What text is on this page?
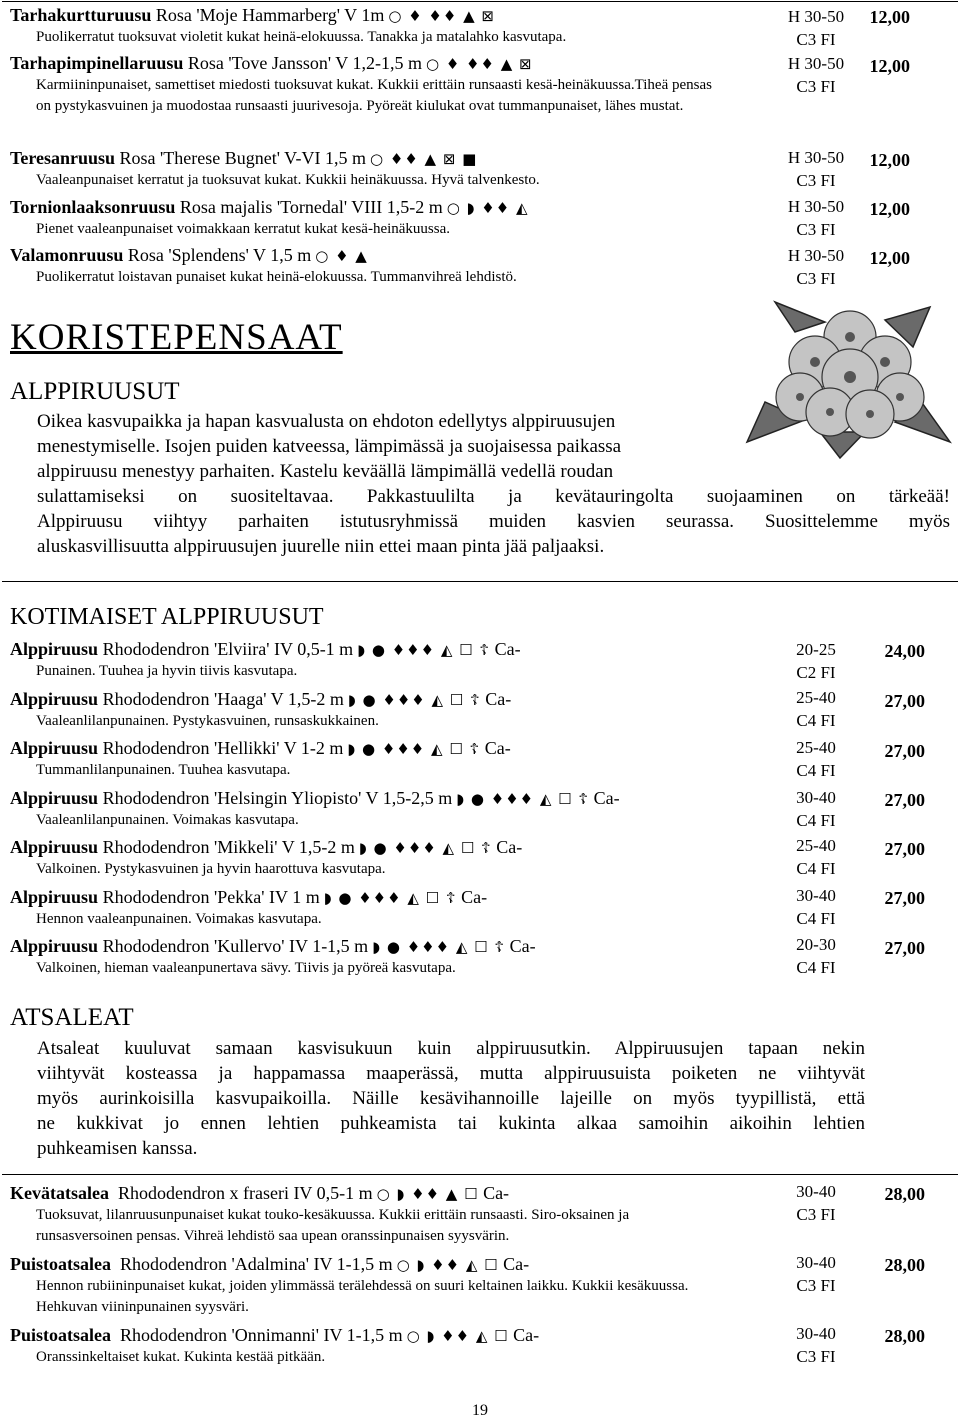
Tarhakurtturuusu Rosa 'Moje Hammarberg' V 1m ○ ♦ ♦♦ ▲ ⊠
Puolikerratut tuoksuvat violetit kukat heinä-elokuussa. Tanakka ja matalahko kasvutapa.
H 30-50
C3 FI
12,00
Tarhapimpinellaruusu Rosa 'Tove Jansson' V 1,2-1,5 m ○ ♦ ♦♦ ▲ ⊠
Karmiininpunaiset, samettiset miedosti tuoksuvat kukat. Kukkii erittäin runsaasti kesä-heinäkuussa.Tiheä pensas on pystykasvuinen ja muodostaa runsaasti juurivesoja. Pyöreät kiulukat ovat tummanpunaiset, lähes mustat.
H 30-50
C3 FI
12,00
Teresanruusu Rosa 'Therese Bugnet' V-VI 1,5 m ○ ♦♦ ▲ ⊠ ■
Vaaleanpunaiset kerratut ja tuoksuvat kukat. Kukkii heinäkuussa. Hyvä talvenkesto.
H 30-50
C3 FI
12,00
Tornionlaaksonruusu Rosa majalis 'Tornedal' VIII 1,5-2 m ○ ◗ ♦♦ ◭
Pienet vaaleanpunaiset voimakkaan kerratut kukat kesä-heinäkuussa.
H 30-50
C3 FI
12,00
Valamonruusu Rosa 'Splendens' V 1,5 m ○ ♦ ▲
Puolikerratut loistavan punaiset kukat heinä-elokuussa. Tummanvihreä lehdistö.
H 30-50
C3 FI
12,00
KORISTEPENSAAT
ALPPIRUUSUT
Oikea kasvupaikka ja hapan kasvualusta on ehdoton edellytys alppiruusujen
menestymiselle. Isojen puiden katveessa, lämpimässä ja suojaisessa paikassa
alppiruusu menestyy parhaiten. Kastelu keväällä lämpimällä vedellä roudan
sulattamiseksi on suositeltavaa. Pakkastuulilta ja kevätauringolta suojaaminen on tärkeää!
Alppiruusu viihtyy parhaiten istutusryhmissä muiden kasvien seurassa. Suosittelemme myös
aluskasvillisuutta alppiruusujen juurelle niin ettei maan pinta jää paljaaksi.
KOTIMAISET ALPPIRUUSUT
Alppiruusu Rhododendron 'Elviira' IV 0,5-1 m ◗ ● ♦♦♦ ◭ ☐ ☦ Ca-
Punainen. Tuuhea ja hyvin tiivis kasvutapa.
20-25
C2 FI
24,00
Alppiruusu Rhododendron 'Haaga' V 1,5-2 m ◗ ● ♦♦♦ ◭ ☐ ☦ Ca-
Vaaleanlilanpunainen. Pystykasvuinen, runsaskukkainen.
25-40
C4 FI
27,00
Alppiruusu Rhododendron 'Hellikki' V 1-2 m ◗ ● ♦♦♦ ◭ ☐ ☦ Ca-
Tummanlilanpunainen. Tuuhea kasvutapa.
25-40
C4 FI
27,00
Alppiruusu Rhododendron 'Helsingin Yliopisto' V 1,5-2,5 m ◗ ● ♦♦♦ ◭ ☐ ☦ Ca-
Vaaleanlilanpunainen. Voimakas kasvutapa.
30-40
C4 FI
27,00
Alppiruusu Rhododendron 'Mikkeli' V 1,5-2 m ◗ ● ♦♦♦ ◭ ☐ ☦ Ca-
Valkoinen. Pystykasvuinen ja hyvin haarottuva kasvutapa.
25-40
C4 FI
27,00
Alppiruusu Rhododendron 'Pekka' IV 1 m ◗ ● ♦♦♦ ◭ ☐ ☦ Ca-
Hennon vaaleanpunainen. Voimakas kasvutapa.
30-40
C4 FI
27,00
Alppiruusu Rhododendron 'Kullervo' IV 1-1,5 m ◗ ● ♦♦♦ ◭ ☐ ☦ Ca-
Valkoinen, hieman vaaleanpunertava sävy. Tiivis ja pyöreä kasvutapa.
20-30
C4 FI
27,00
ATSALEAT
Atsaleat kuuluvat samaan kasvisukuun kuin alppiruusutkin. Alppiruusujen tapaan nekin
viihtyvät kosteassa ja happamassa maaperässä, mutta alppiruusuista poiketen ne viihtyvät
myös aurinkoisilla kasvupaikoilla. Näille kesävihannoille lajeille on myös tyypillistä, että
ne kukkivat jo ennen lehtien puhkeamista tai kukinta alkaa samoihin aikoihin lehtien
puhkeamisen kanssa.
Kevätatsalea Rhododendron x fraseri IV 0,5-1 m ○ ◗ ♦♦ ▲ ☐ Ca-
Tuoksuvat, lilanruusunpunaiset kukat touko-kesäkuussa. Kukkii erittäin runsaasti. Siro-oksainen ja runsasversoinen pensas. Vihreä lehdistö saa upean oranssinpunaisen syysvärin.
30-40
C3 FI
28,00
Puistoatsalea Rhododendron 'Adalmina' IV 1-1,5 m ○ ◗ ♦♦ ◭ ☐ Ca-
Hennon rubiininpunaiset kukat, joiden ylimmässä terälehdessä on suuri keltainen laikku. Kukkii kesäkuussa. Hehkuvan viininpunainen syysväri.
30-40
C3 FI
28,00
Puistoatsalea Rhododendron 'Onnimanni' IV 1-1,5 m ○ ◗ ♦♦ ◭ ☐ Ca-
Oranssinkeltaiset kukat. Kukinta kestää pitkään.
30-40
C3 FI
28,00
19
